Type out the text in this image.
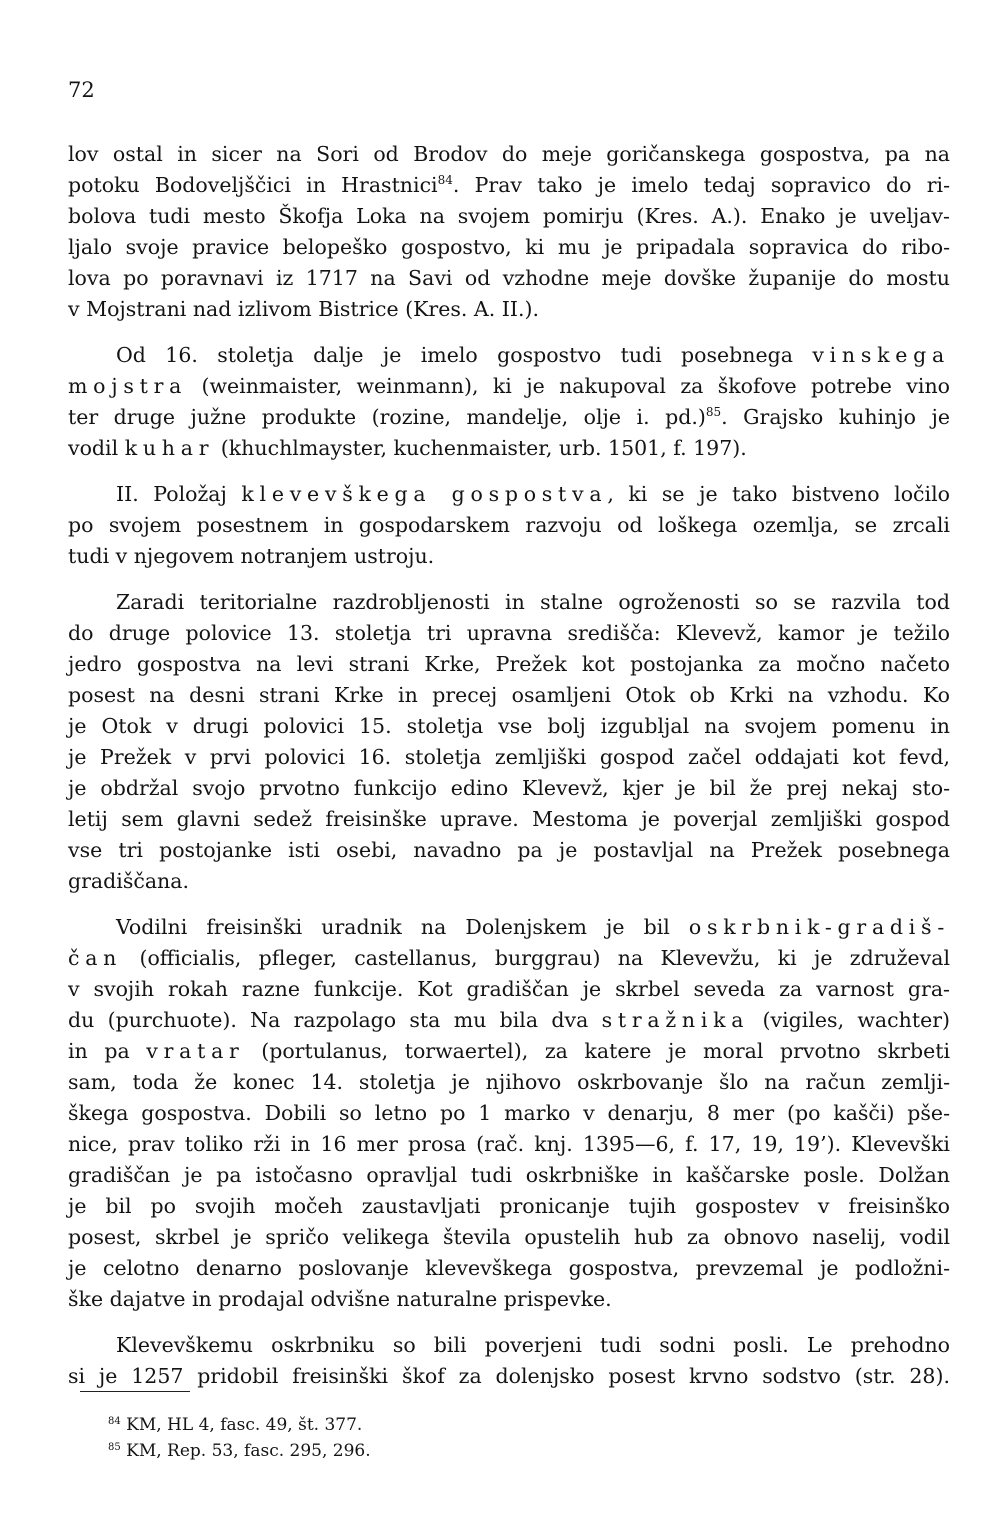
72

lov ostal in sicer na Sori od Brodov do meje goričanskega gospostva, pa na
potoku Bodoveljščici in Hrastnici$^{84}$. Prav tako je imelo tedaj sopravico do ri-
bolova tudi mesto Škofja Loka na svojem pomirju (Kres. A.). Enako je uveljav-
ljalo svoje pravice belopeško gospostvo, ki mu je pripadala sopravica do ribo-
lova po poravnavi iz 1717 na Savi od vzhodne meje dovške županije do mostu
v Mojstrani nad izlivom Bistrice (Kres. A. II.).
Od 16. stoletja dalje je imelo gospostvo tudi posebnega vinskega
mojstra (weinmaister, weinmann), ki je nakupoval za škofove potrebe vino
ter druge južne produkte (rozine, mandelje, olje i. pd.)$^{85}$. Grajsko kuhinjo je
vodil kuhar (khuchlmayster, kuchenmaister, urb. 1501, f. 197).
II. Položaj klevevškega gospostva, ki se je tako bistveno ločilo
po svojem posestnem in gospodarskem razvoju od loškega ozemlja, se zrcali
tudi v njegovem notranjem ustroju.
Zaradi teritorialne razdrobljenosti in stalne ogroženosti so se razvila tod
do druge polovice 13. stoletja tri upravna središča: Klevevž, kamor je težilo
jedro gospostva na levi strani Krke, Prežek kot postojanka za močno načeto
posest na desni strani Krke in precej osamljeni Otok ob Krki na vzhodu. Ko
je Otok v drugi polovici 15. stoletja vse bolj izgubljal na svojem pomenu in
je Prežek v prvi polovici 16. stoletja zemljiški gospod začel oddajati kot fevd,
je obdržal svojo prvotno funkcijo edino Klevevž, kjer je bil že prej nekaj sto-
letij sem glavni sedež freisinške uprave. Mestoma je poverjal zemljiški gospod
vse tri postojanke isti osebi, navadno pa je postavljal na Prežek posebnega
gradiščana.
Vodilni freisinški uradnik na Dolenjskem je bil oskrbnik-gradiš-
čan (officialis, pfleger, castellanus, burggrau) na Klevevžu, ki je združeval
v svojih rokah razne funkcije. Kot gradiščan je skrbel seveda za varnost gra-
du (purchuote). Na razpolago sta mu bila dva stražnika (vigiles, wachter)
in pa vratar (portulanus, torwaertel), za katere je moral prvotno skrbeti
sam, toda že konec 14. stoletja je njihovo oskrbovanje šlo na račun zemlji-
škega gospostva. Dobili so letno po 1 marko v denarju, 8 mer (po kašči) pše-
nice, prav toliko rži in 16 mer prosa (rač. knj. 1395—6, f. 17, 19, 19’). Klevevški
gradiščan je pa istočasno opravljal tudi oskrbniške in kaščarske posle. Dolžan
je bil po svojih močeh zaustavljati pronicanje tujih gospostev v freisinško
posest, skrbel je spričo velikega števila opustelih hub za obnovo naselij, vodil
je celotno denarno poslovanje klevevškega gospostva, prevzemal je podložni-
ške dajatve in prodajal odvišne naturalne prispevke.
Klevevškemu oskrbniku so bili poverjeni tudi sodni posli. Le prehodno
si je 1257 pridobil freisinški škof za dolenjsko posest krvno sodstvo (str. 28).

$^{84}$ KM, HL 4, fasc. 49, št. 377.

$^{85}$ KM, Rep. 53, fasc. 295, 296.
